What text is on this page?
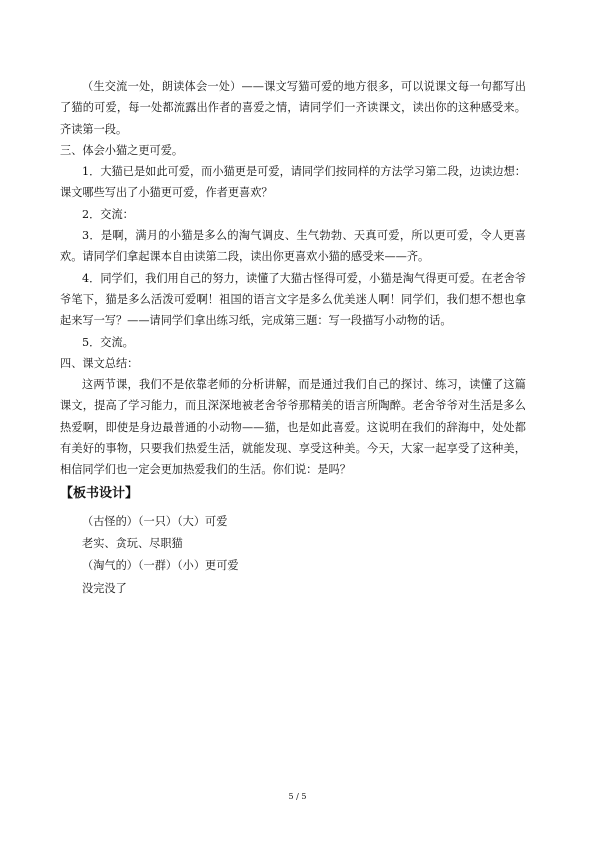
（生交流一处，朗读体会一处）——课文写猫可爱的地方很多，可以说课文每一句都写出了猫的可爱，每一处都流露出作者的喜爱之情，请同学们一齐读课文，读出你的这种感受来。齐读第一段。

三、体会小猫之更可爱。

1．大猫已是如此可爱，而小猫更是可爱，请同学们按同样的方法学习第二段，边读边想：课文哪些写出了小猫更可爱，作者更喜欢？

2．交流：

3．是啊，满月的小猫是多么的淘气调皮、生气勃勃、天真可爱，所以更可爱，令人更喜欢。请同学们拿起课本自由读第二段，读出你更喜欢小猫的感受来——齐。

4．同学们，我们用自己的努力，读懂了大猫古怪得可爱，小猫是淘气得更可爱。在老舍爷爷笔下，猫是多么活泼可爱啊！祖国的语言文字是多么优美迷人啊！同学们，我们想不想也拿起来写一写？——请同学们拿出练习纸，完成第三题：写一段描写小动物的话。

5．交流。

四、课文总结：

这两节课，我们不是依靠老师的分析讲解，而是通过我们自己的探讨、练习，读懂了这篇课文，提高了学习能力，而且深深地被老舍爷爷那精美的语言所陶醉。老舍爷爷对生活是多么热爱啊，即使是身边最普通的小动物——猫，也是如此喜爱。这说明在我们的辞海中，处处都有美好的事物，只要我们热爱生活，就能发现、享受这种美。今天，大家一起享受了这种美，相信同学们也一定会更加热爱我们的生活。你们说：是吗？

【板书设计】

（古怪的）（一只）（大）可爱

老实、贪玩、尽职猫

（淘气的）（一群）（小）更可爱

没完没了

5 / 5
